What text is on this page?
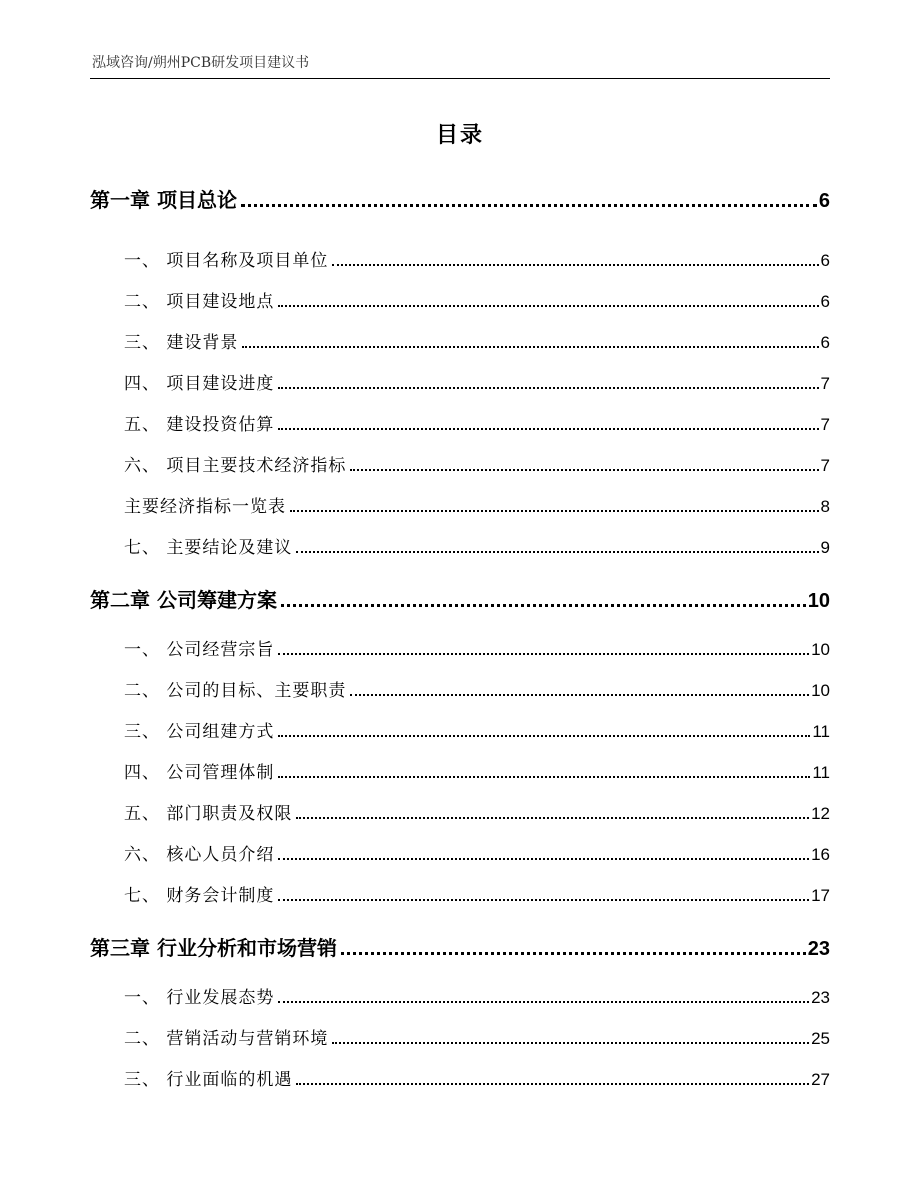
泓域咨询/朔州PCB研发项目建议书
目录
第一章 项目总论	6
一、 项目名称及项目单位	6
二、 项目建设地点	6
三、 建设背景	6
四、 项目建设进度	7
五、 建设投资估算	7
六、 项目主要技术经济指标	7
主要经济指标一览表	8
七、 主要结论及建议	9
第二章 公司筹建方案	10
一、 公司经营宗旨	10
二、 公司的目标、主要职责	10
三、 公司组建方式	11
四、 公司管理体制	11
五、 部门职责及权限	12
六、 核心人员介绍	16
七、 财务会计制度	17
第三章 行业分析和市场营销	23
一、 行业发展态势	23
二、 营销活动与营销环境	25
三、 行业面临的机遇	27
